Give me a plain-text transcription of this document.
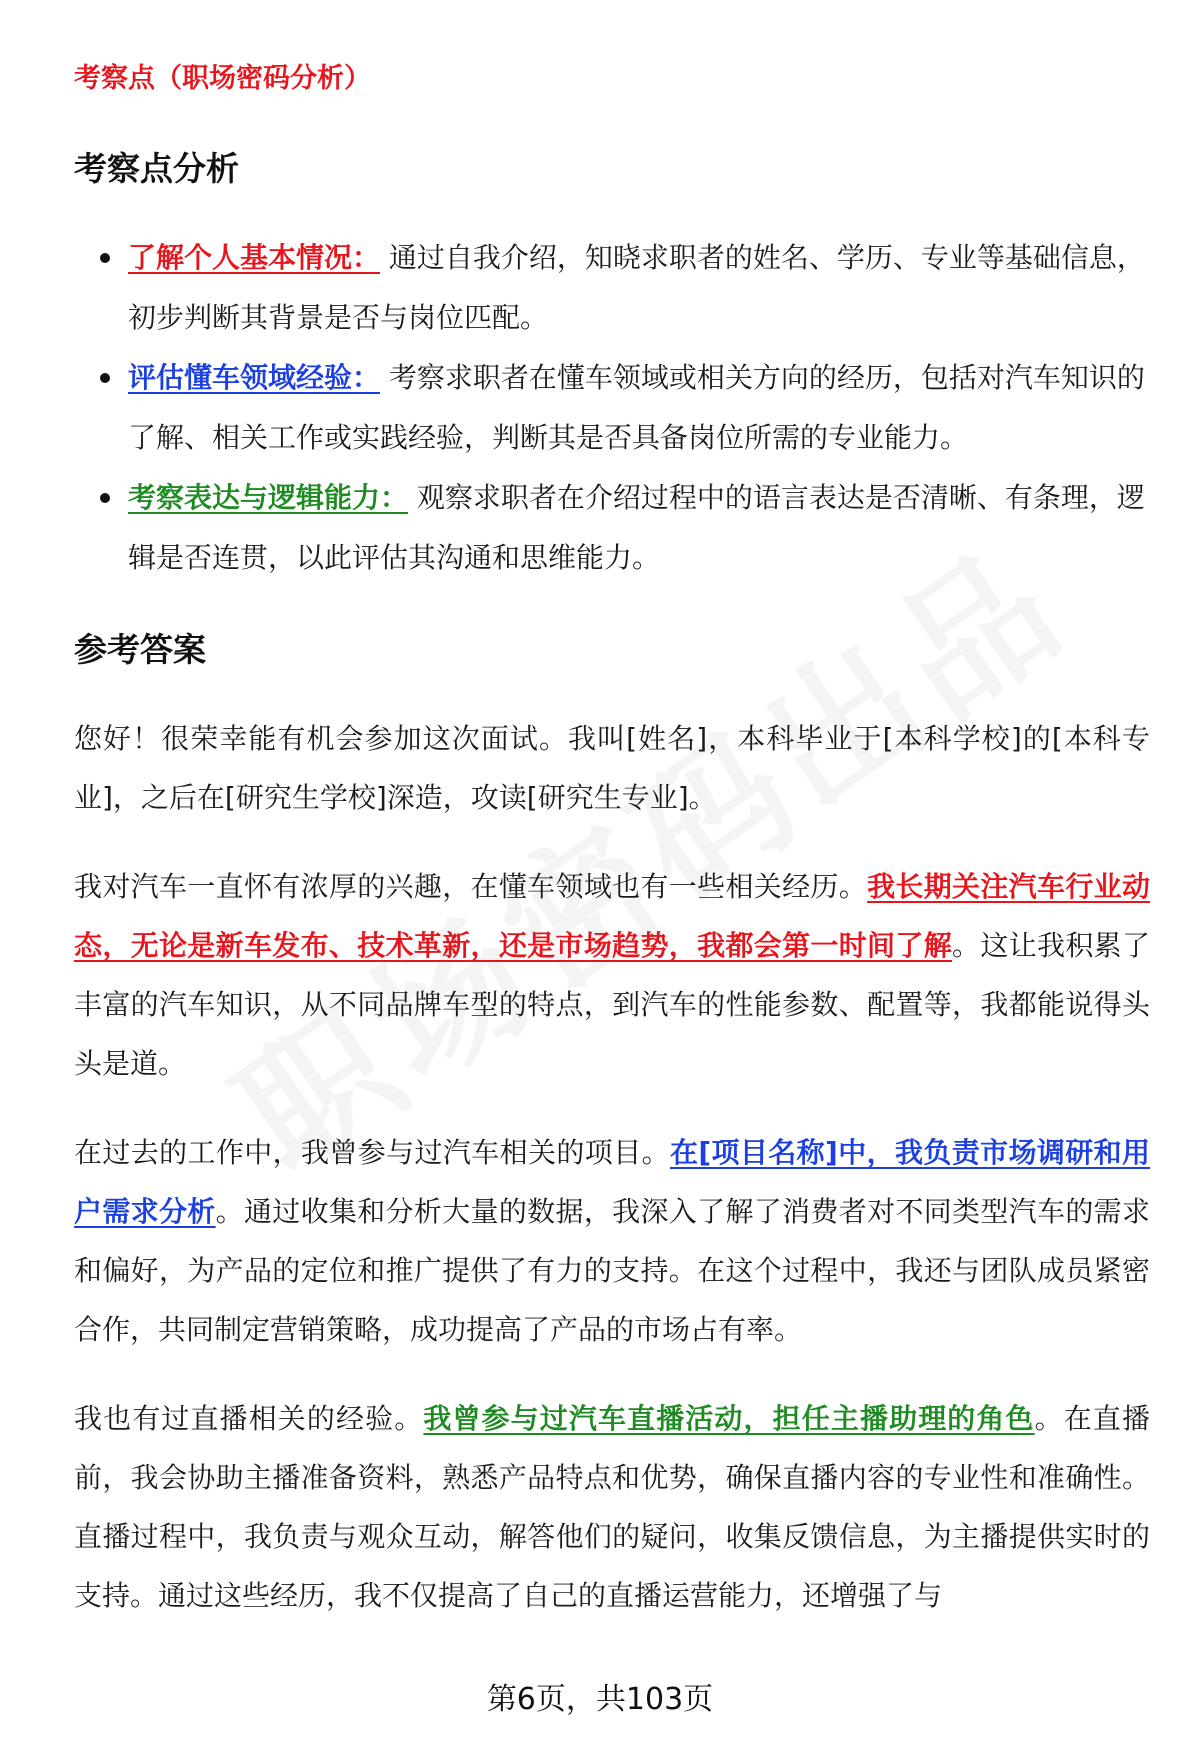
考察点（职场密码分析）
考察点分析
了解个人基本情况： 通过自我介绍，知晓求职者的姓名、学历、专业等基础信息，初步判断其背景是否与岗位匹配。
评估懂车领域经验： 考察求职者在懂车领域或相关方向的经历，包括对汽车知识的了解、相关工作或实践经验，判断其是否具备岗位所需的专业能力。
考察表达与逻辑能力： 观察求职者在介绍过程中的语言表达是否清晰、有条理，逻辑是否连贯，以此评估其沟通和思维能力。
参考答案

您好！很荣幸能有机会参加这次面试。我叫[姓名]，本科毕业于[本科学校]的[本科专业]，之后在[研究生学校]深造，攻读[研究生专业]。

我对汽车一直怀有浓厚的兴趣，在懂车领域也有一些相关经历。我长期关注汽车行业动态，无论是新车发布、技术革新，还是市场趋势，我都会第一时间了解。这让我积累了丰富的汽车知识，从不同品牌车型的特点，到汽车的性能参数、配置等，我都能说得头头是道。

在过去的工作中，我曾参与过汽车相关的项目。在[项目名称]中，我负责市场调研和用户需求分析。通过收集和分析大量的数据，我深入了解了消费者对不同类型汽车的需求和偏好，为产品的定位和推广提供了有力的支持。在这个过程中，我还与团队成员紧密合作，共同制定营销策略，成功提高了产品的市场占有率。

我也有过直播相关的经验。我曾参与过汽车直播活动，担任主播助理的角色。在直播前，我会协助主播准备资料，熟悉产品特点和优势，确保直播内容的专业性和准确性。直播过程中，我负责与观众互动，解答他们的疑问，收集反馈信息，为主播提供实时的支持。通过这些经历，我不仅提高了自己的直播运营能力，还增强了与

第6页，共103页
